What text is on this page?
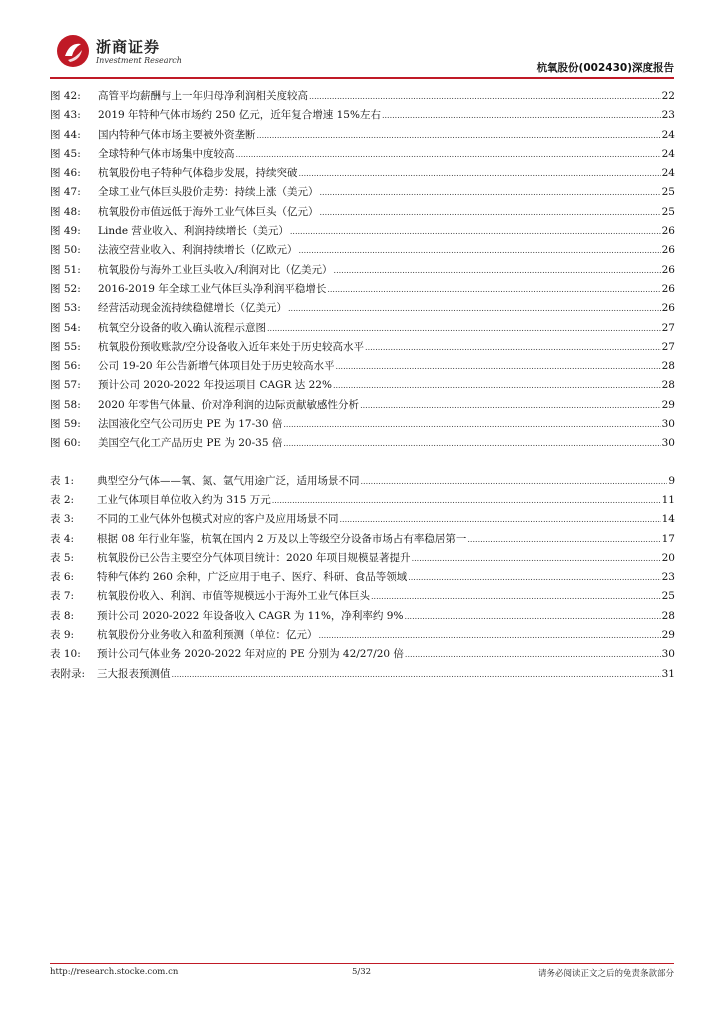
浙商证券
Investment Research
杭氧股份(002430)深度报告
图 42:	高管平均薪酬与上一年归母净利润相关度较高 .....	22
图 43:	2019 年特种气体市场约 250 亿元，近年复合增速 15%左右 .....	23
图 44:	国内特种气体市场主要被外资垄断 .....	24
图 45:	全球特种气体市场集中度较高 .....	24
图 46:	杭氧股份电子特种气体稳步发展，持续突破 .....	24
图 47:	全球工业气体巨头股价走势：持续上涨（美元） .....	25
图 48:	杭氧股份市值远低于海外工业气体巨头（亿元） .....	25
图 49:	Linde 营业收入、利润持续增长（美元） .....	26
图 50:	法液空营业收入、利润持续增长（亿欧元） .....	26
图 51:	杭氧股份与海外工业巨头收入/利润对比（亿美元） .....	26
图 52:	2016-2019 年全球工业气体巨头净利润平稳增长 .....	26
图 53:	经营活动现金流持续稳健增长（亿美元） .....	26
图 54:	杭氧空分设备的收入确认流程示意图 .....	27
图 55:	杭氧股份预收账款/空分设备收入近年来处于历史较高水平 .....	27
图 56:	公司 19-20 年公告新增气体项目处于历史较高水平 .....	28
图 57:	预计公司 2020-2022 年投运项目 CAGR 达 22% .....	28
图 58:	2020 年零售气体量、价对净利润的边际贡献敏感性分析 .....	29
图 59:	法国液化空气公司历史 PE 为 17-30 倍 .....	30
图 60:	美国空气化工产品历史 PE 为 20-35 倍 .....	30
表 1:	典型空分气体——氧、氮、氩气用途广泛，适用场景不同 .....	9
表 2:	工业气体项目单位收入约为 315 万元 .....	11
表 3:	不同的工业气体外包模式对应的客户及应用场景不同 .....	14
表 4:	根据 08 年行业年鉴，杭氧在国内 2 万及以上等级空分设备市场占有率稳居第一 .....	17
表 5:	杭氧股份已公告主要空分气体项目统计：2020 年项目规模显著提升 .....	20
表 6:	特种气体约 260 余种，广泛应用于电子、医疗、科研、食品等领域 .....	23
表 7:	杭氧股份收入、利润、市值等规模远小于海外工业气体巨头 .....	25
表 8:	预计公司 2020-2022 年设备收入 CAGR 为 11%，净利率约 9% .....	28
表 9:	杭氧股份分业务收入和盈利预测（单位：亿元） .....	29
表 10:	预计公司气体业务 2020-2022 年对应的 PE 分别为 42/27/20 倍 .....	30
表附录:	三大报表预测值 .....	31
http://research.stocke.com.cn	5/32	请务必阅读正文之后的免责条款部分
